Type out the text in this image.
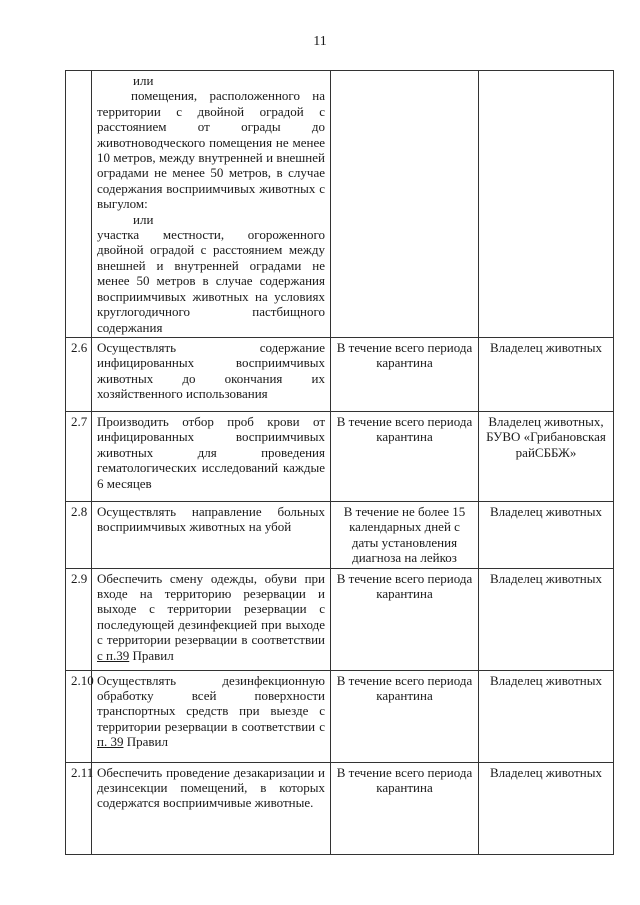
11

	или
помещения, расположенного на территории с двойной оградой с расстоянием от ограды до животноводческого помещения не менее 10 метров, между внутренней и внешней оградами не менее 50 метров, в случае содержания восприимчивых животных с выгулом:
или
участка местности, огороженного двойной оградой с расстоянием между внешней и внутренней оградами не менее 50 метров в случае содержания восприимчивых животных на условиях круглогодичного пастбищного содержания		

2.6	Осуществлять содержание инфицированных восприимчивых животных до окончания их хозяйственного использования	В течение всего периода карантина	Владелец животных
2.7	Производить отбор проб крови от инфицированных восприимчивых животных для проведения гематологических исследований каждые 6 месяцев	В течение всего периода карантина	Владелец животных, БУВО «Грибановская райСББЖ»
2.8	Осуществлять направление больных восприимчивых животных на убой	В течение не более 15 календарных дней с даты установления диагноза на лейкоз	Владелец животных
2.9	Обеспечить смену одежды, обуви при входе на территорию резервации и выходе с территории резервации с последующей дезинфекцией при выходе с территории резервации в соответствии с п.39 Правил	В течение всего периода карантина	Владелец животных
2.10	Осуществлять дезинфекционную обработку всей поверхности транспортных средств при выезде с территории резервации в соответствии с п. 39 Правил	В течение всего периода карантина	Владелец животных
2.11	Обеспечить проведение дезакаризации и дезинсекции помещений, в которых содержатся восприимчивые животные.	В течение всего периода карантина	Владелец животных
